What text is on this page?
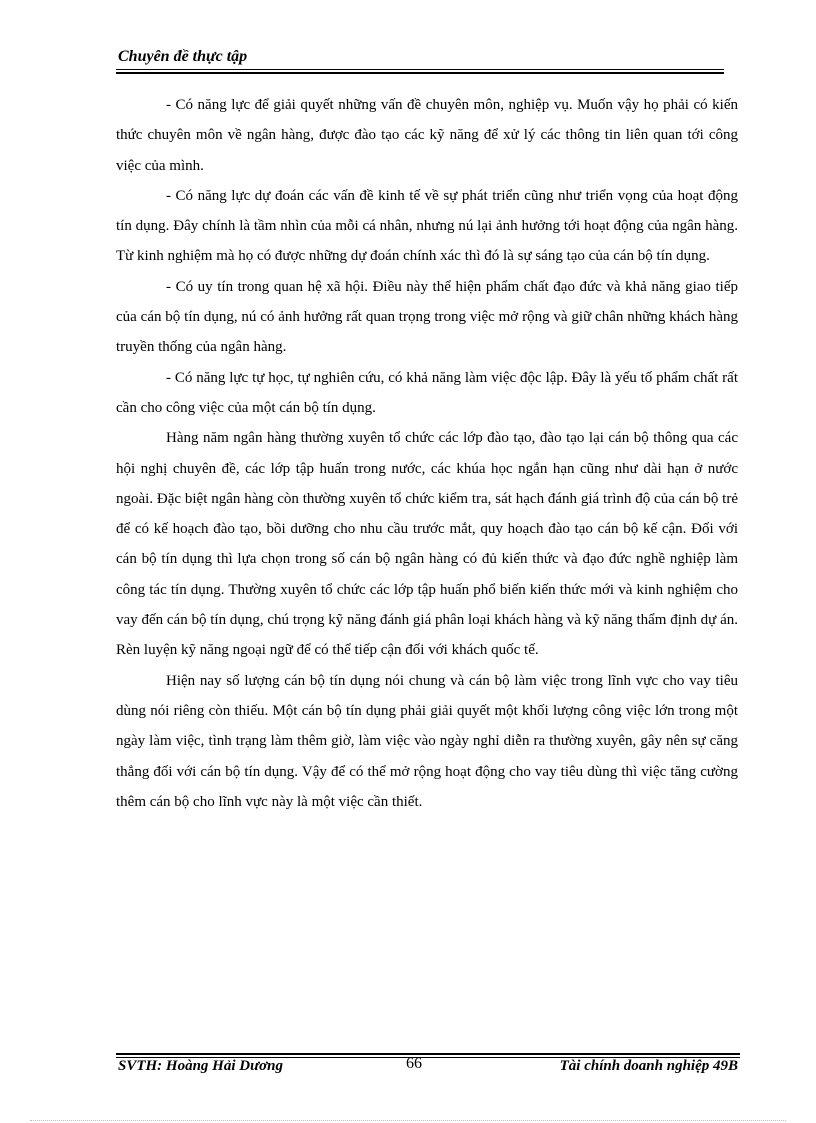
Chuyên đề thực tập

- Có năng lực để giải quyết những vấn đề chuyên môn, nghiệp vụ. Muốn vậy họ phải có kiến thức chuyên môn về ngân hàng, được đào tạo các kỹ năng để xử lý các thông tin liên quan tới công việc của mình.

- Có năng lực dự đoán các vấn đề kinh tế về sự phát triển cũng như triển vọng của hoạt động tín dụng. Đây chính là tầm nhìn của mỗi cá nhân, nhưng nú lại ảnh hưởng tới hoạt động của ngân hàng. Từ kinh nghiệm mà họ có được những dự đoán chính xác thì đó là sự sáng tạo của cán bộ tín dụng.

- Có uy tín trong quan hệ xã hội. Điều này thể hiện phẩm chất đạo đức và khả năng giao tiếp của cán bộ tín dụng, nú có ảnh hưởng rất quan trọng trong việc mở rộng và giữ chân những khách hàng truyền thống của ngân hàng.

- Có năng lực tự học, tự nghiên cứu, có khả năng làm việc độc lập. Đây là yếu tố phẩm chất rất cần cho công việc của một cán bộ tín dụng.

Hàng năm ngân hàng thường xuyên tổ chức các lớp đào tạo, đào tạo lại cán bộ thông qua các hội nghị chuyên đề, các lớp tập huấn trong nước, các khúa học ngắn hạn cũng như dài hạn ở nước ngoài. Đặc biệt ngân hàng còn thường xuyên tổ chức kiểm tra, sát hạch đánh giá trình độ của cán bộ trẻ để có kế hoạch đào tạo, bồi dưỡng cho nhu cầu trước mắt, quy hoạch đào tạo cán bộ kế cận. Đối với cán bộ tín dụng thì lựa chọn trong số cán bộ ngân hàng có đủ kiến thức và đạo đức nghề nghiệp làm công tác tín dụng. Thường xuyên tổ chức các lớp tập huấn phổ biến kiến thức mới và kinh nghiệm cho vay đến cán bộ tín dụng, chú trọng kỹ năng đánh giá phân loại khách hàng và kỹ năng thẩm định dự án. Rèn luyện kỹ năng ngoại ngữ để có thể tiếp cận đối với khách quốc tế.

Hiện nay số lượng cán bộ tín dụng nói chung và cán bộ làm việc trong lĩnh vực cho vay tiêu dùng nói riêng còn thiếu. Một cán bộ tín dụng phải giải quyết một khối lượng công việc lớn trong một ngày làm việc, tình trạng làm thêm giờ, làm việc vào ngày nghỉ diễn ra thường xuyên, gây nên sự căng thẳng đối với cán bộ tín dụng. Vậy để có thể mở rộng hoạt động cho vay tiêu dùng thì việc tăng cường thêm cán bộ cho lĩnh vực này là một việc cần thiết.

SVTH: Hoàng Hải Dương	66	Tài chính doanh nghiệp 49B
